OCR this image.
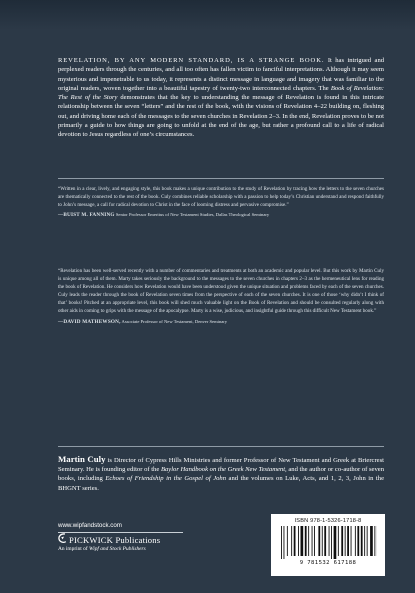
REVELATION, BY ANY MODERN STANDARD, IS A STRANGE BOOK. It has intrigued and perplexed readers through the centuries, and all too often has fallen victim to fanciful interpretations. Although it may seem mysterious and impenetrable to us today, it represents a distinct message in language and imagery that was familiar to the original readers, woven together into a beautiful tapestry of twenty-two interconnected chapters. The Book of Revelation: The Rest of the Story demonstrates that the key to understanding the message of Revelation is found in this intricate relationship between the seven “letters” and the rest of the book, with the visions of Revelation 4–22 building on, fleshing out, and driving home each of the messages to the seven churches in Revelation 2–3. In the end, Revelation proves to be not primarily a guide to how things are going to unfold at the end of the age, but rather a profound call to a life of radical devotion to Jesus regardless of one’s circumstances.
“Written in a clear, lively, and engaging style, this book makes a unique contribution to the study of Revelation by tracing how the letters to the seven churches are thematically connected to the rest of the book. Culy combines reliable scholarship with a passion to help today’s Christian understand and respond faithfully to John’s message, a call for radical devotion to Christ in the face of looming distress and pervasive compromise.”
—BUIST M. FANNING Senior Professor Emeritus of New Testament Studies, Dallas Theological Seminary
“Revelation has been well-served recently with a number of commentaries and treatments at both an academic and popular level. But this work by Martin Culy is unique among all of them. Marty takes seriously the background to the messages to the seven churches in chapters 2–3 as the hermeneutical lens for reading the book of Revelation. He considers how Revelation would have been understood given the unique situation and problems faced by each of the seven churches. Culy leads the reader through the book of Revelation seven times from the perspective of each of the seven churches. It is one of those ‘why didn’t I think of that’ books! Pitched at an appropriate level, this book will shed much valuable light on the Book of Revelation and should be consulted regularly along with other aids in coming to grips with the message of the apocalypse. Marty is a wise, judicious, and insightful guide through this difficult New Testament book.”
—DAVID MATHEWSON, Associate Professor of New Testament, Denver Seminary
Martin Culy is Director of Cypress Hills Ministries and former Professor of New Testament and Greek at Briercrest Seminary. He is founding editor of the Baylor Handbook on the Greek New Testament, and the author or co-author of seven books, including Echoes of Friendship in the Gospel of John and the volumes on Luke, Acts, and 1, 2, 3, John in the BHGNT series.
www.wipfandstock.com
PICKWICK Publications
An imprint of Wipf and Stock Publishers
ISBN 978-1-5326-1718-8
9 781532 617188
